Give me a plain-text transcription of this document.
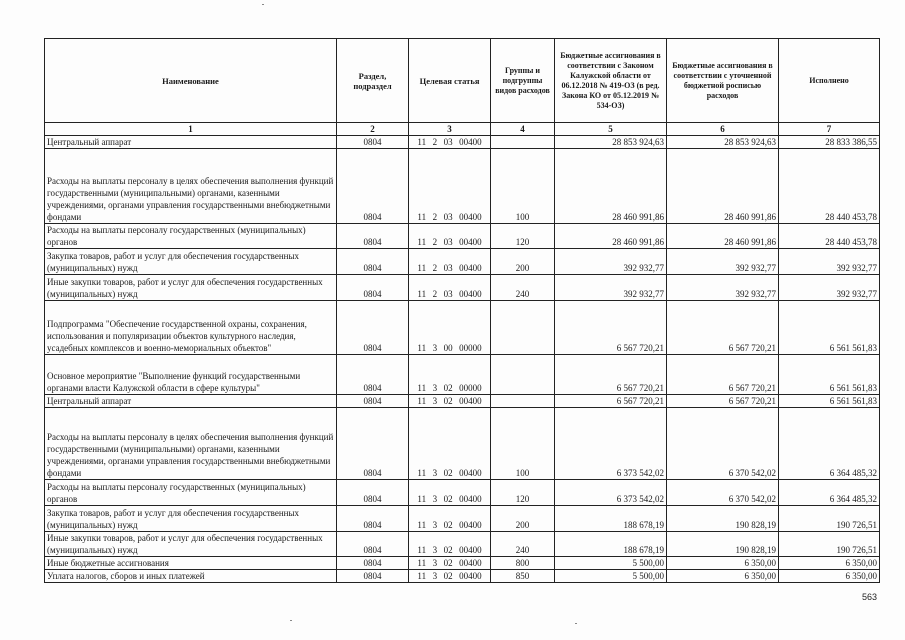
Наименование	Раздел, подраздел	Целевая статья	Группы и подгруппы видов расходов	Бюджетные ассигнования в соответствии с Законом Калужской области от 06.12.2018 № 419-ОЗ (в ред. Закона КО от 05.12.2019 № 534-ОЗ)	Бюджетные ассигнования в соответствии с уточненной бюджетной росписью расходов	Исполнено
1	2	3	4	5	6	7
Центральный аппарат	0804	11  2  03  00400		28 853 924,63	28 853 924,63	28 833 386,55
Расходы на выплаты персоналу в целях обеспечения выполнения функций государственными (муниципальными) органами, казенными учреждениями, органами управления государственными внебюджетными фондами	0804	11  2  03  00400	100	28 460 991,86	28 460 991,86	28 440 453,78
Расходы на выплаты персоналу государственных (муниципальных) органов	0804	11  2  03  00400	120	28 460 991,86	28 460 991,86	28 440 453,78
Закупка товаров, работ и услуг для обеспечения государственных (муниципальных) нужд	0804	11  2  03  00400	200	392 932,77	392 932,77	392 932,77
Иные закупки товаров, работ и услуг для обеспечения государственных (муниципальных) нужд	0804	11  2  03  00400	240	392 932,77	392 932,77	392 932,77
Подпрограмма "Обеспечение государственной охраны, сохранения, использования и популяризации объектов культурного наследия, усадебных комплексов и военно-мемориальных объектов"	0804	11  3  00  00000		6 567 720,21	6 567 720,21	6 561 561,83
Основное мероприятие "Выполнение функций государственными органами власти Калужской области в сфере культуры"	0804	11  3  02  00000		6 567 720,21	6 567 720,21	6 561 561,83
Центральный аппарат	0804	11  3  02  00400		6 567 720,21	6 567 720,21	6 561 561,83
Расходы на выплаты персоналу в целях обеспечения выполнения функций государственными (муниципальными) органами, казенными учреждениями, органами управления государственными внебюджетными фондами	0804	11  3  02  00400	100	6 373 542,02	6 370 542,02	6 364 485,32
Расходы на выплаты персоналу государственных (муниципальных) органов	0804	11  3  02  00400	120	6 373 542,02	6 370 542,02	6 364 485,32
Закупка товаров, работ и услуг для обеспечения государственных (муниципальных) нужд	0804	11  3  02  00400	200	188 678,19	190 828,19	190 726,51
Иные закупки товаров, работ и услуг для обеспечения государственных (муниципальных) нужд	0804	11  3  02  00400	240	188 678,19	190 828,19	190 726,51
Иные бюджетные ассигнования	0804	11  3  02  00400	800	5 500,00	6 350,00	6 350,00
Уплата налогов, сборов и иных платежей	0804	11  3  02  00400	850	5 500,00	6 350,00	6 350,00
563
